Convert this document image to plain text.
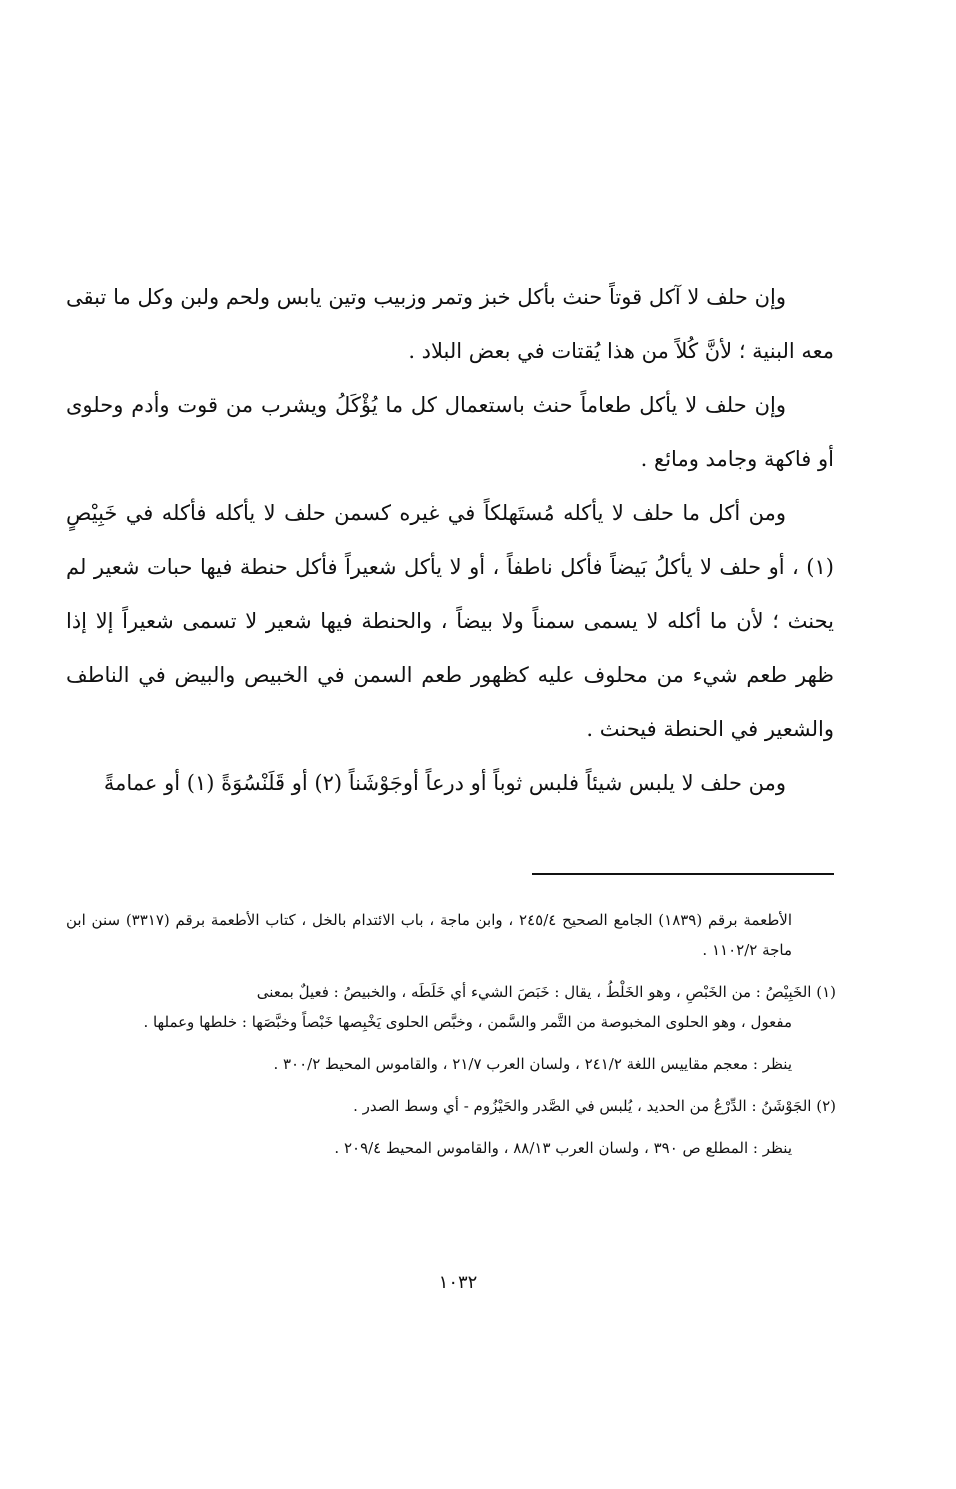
وإن حلف لا آكل قوتاً حنث بأكل خبز وتمر وزبيب وتين يابس ولحم ولبن وكل ما تبقى معه البنية ؛ لأنَّ كُلاً من هذا يُقتات في بعض البلاد .

وإن حلف لا يأكل طعاماً حنث باستعمال كل ما يُؤْكَلُ ويشرب من قوت وأدم وحلوى أو فاكهة وجامد ومائع .

ومن أكل ما حلف لا يأكله مُستَهلكاً في غيره كسمن حلف لا يأكله فأكله في خَبِيْصٍ (١) ، أو حلف لا يأكلُ بَيضاً فأكل ناطفاً ، أو لا يأكل شعيراً فأكل حنطة فيها حبات شعير لم يحنث ؛ لأن ما أكله لا يسمى سمناً ولا بيضاً ، والحنطة فيها شعير لا تسمى شعيراً إلا إذا ظهر طعم شيء من محلوف عليه كظهور طعم السمن في الخبيص والبيض في الناطف والشعير في الحنطة فيحنث .

ومن حلف لا يلبس شيئاً فلبس ثوباً أو درعاً أوجَوْشَناً (٢) أو قَلَنْسُوَةً (١) أو عمامةً

الأطعمة برقم (١٨٣٩) الجامع الصحيح ٢٤٥/٤ ، وابن ماجة ، باب الائتدام بالخل ، كتاب الأطعمة برقم (٣٣١٧) سنن ابن ماجة ١١٠٢/٢ .

(١) الخَبِيْصُ : من الخَبْصِ ، وهو الخَلْطُ ، يقال : خَبَصَ الشيء أي خَلَطَه ، والخبيصُ : فعيلٌ بمعنى

مفعول ، وهو الحلوى المخبوصة من التَّمر والسَّمن ، وخبَّص الحلوى يَخْبِصها خَبْصاً وخبَّصَها : خلطها وعملها .

ينظر : معجم مقاييس اللغة ٢٤١/٢ ، ولسان العرب ٢١/٧ ، والقاموس المحيط ٣٠٠/٢ .

(٢) الجَوْشَنُ : الدِّرْعُ من الحديد ، يُلبس في الصَّدر والحَيْزُوم - أي وسط الصدر .

ينظر : المطلع ص ٣٩٠ ، ولسان العرب ٨٨/١٣ ، والقاموس المحيط ٢٠٩/٤ .

١٠٣٢
